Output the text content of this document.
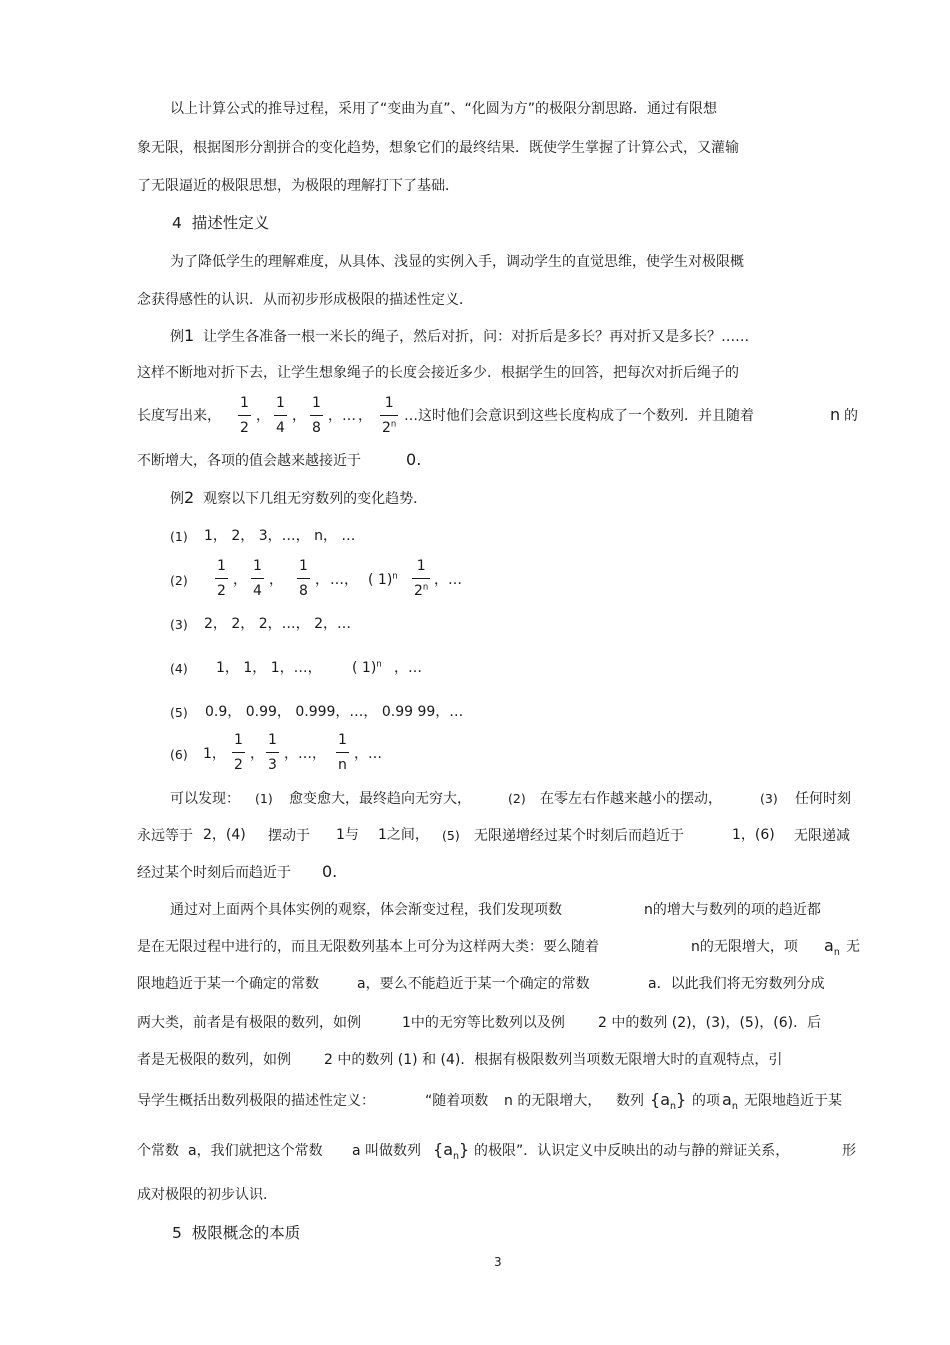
以上计算公式的推导过程，采用了“变曲为直”、“化圆为方”的极限分割思路．通过有限想
象无限，根据图形分割拼合的变化趋势，想象它们的最终结果．既使学生掌握了计算公式，又灌输
了无限逼近的极限思想，为极限的理解打下了基础．
4 描述性定义
为了降低学生的理解难度，从具体、浅显的实例入手，调动学生的直觉思维，使学生对极限概
念获得感性的认识．从而初步形成极限的描述性定义．
例1 让学生各准备一根一米长的绳子，然后对折，问：对折后是多长？再对折又是多长？……
这样不断地对折下去，让学生想象绳子的长度会接近多少．根据学生的回答，把每次对折后绳子的
长度写出来， $\frac{1}{2}$ ， $\frac{1}{4}$ ， $\frac{1}{8}$ ， … ， $\frac{1}{2^n}$ …这时他们会意识到这些长度构成了一个数列．并且随着	n 的
不断增大，各项的值会越来越接近于	0.
例2 观察以下几组无穷数列的变化趋势．
(1) 1， 2， 3，…， n， …
$(2) \frac{1}{2}$ ， $\frac{1}{4}$ ， $\frac{1}{8}$ ， … ， ( $1)^n \frac{1}{2^n}$ ，…
(3) 2， 2， 2，…， 2，…
(4) 1， 1， 1，…， ( 1)$^n$ ，…
(5) 0.9， 0.99， 0.999，…， 0.99 99，…
(6) 1， $\frac{1}{2}$ ， $\frac{1}{3}$ ， … ， $\frac{1}{n}$ ，…
可以发现： (1) 愈变愈大，最终趋向无穷大，	(2) 在零左右作越来越小的摆动，	(3) 任何时刻
永远等于 2，(4) 摆动于 1与 1之间， (5) 无限递增经过某个时刻后而趋近于	1，(6) 无限递减
经过某个时刻后而趋近于 0.
通过对上面两个具体实例的观察，体会渐变过程，我们发现项数	n的增大与数列的项的趋近都
是在无限过程中进行的，而且无限数列基本上可分为这样两大类：要么随着	n的无限增大，项 $a_n$ 无
限地趋近于某一个确定的常数	a，要么不能趋近于某一个确定的常数	a．以此我们将无穷数列分成
两大类，前者是有极限的数列，如例	1中的无穷等比数列以及例 2 中的数列 (2)，(3)，(5)，(6)．后
者是无极限的数列，如例 2 中的数列 (1) 和 (4)．根据有极限数列当项数无限增大时的直观特点，引
导学生概括出数列极限的描述性定义：	“随着项数 n 的无限增大， 数列 $\{a_n\}$ 的项 $a_n$ 无限地趋近于某
个常数 a，我们就把这个常数 a 叫做数列 $\{a_n\}$ 的极限”．认识定义中反映出的动与静的辩证关系，	形
成对极限的初步认识.
5 极限概念的本质
3
